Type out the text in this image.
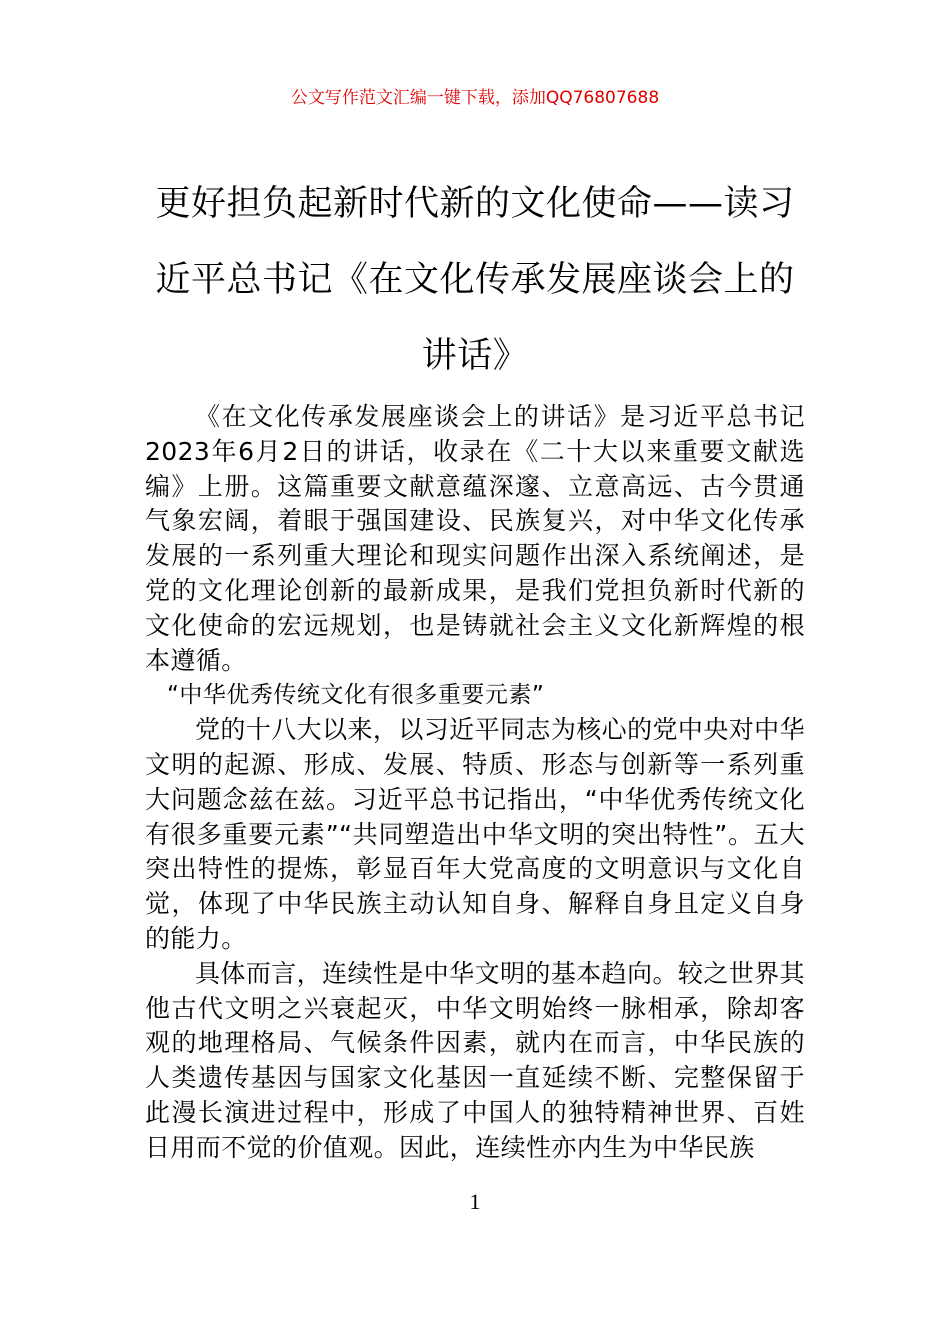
公文写作范文汇编一键下载，添加QQ76807688
更好担负起新时代新的文化使命——读习
近平总书记《在文化传承发展座谈会上的
讲话》

《在文化传承发展座谈会上的讲话》是习近平总书记2023年6月2日的讲话，收录在《二十大以来重要文献选编》上册。这篇重要文献意蕴深邃、立意高远、古今贯通气象宏阔，着眼于强国建设、民族复兴，对中华文化传承发展的一系列重大理论和现实问题作出深入系统阐述，是党的文化理论创新的最新成果，是我们党担负新时代新的文化使命的宏远规划，也是铸就社会主义文化新辉煌的根本遵循。

“中华优秀传统文化有很多重要元素”

党的十八大以来，以习近平同志为核心的党中央对中华文明的起源、形成、发展、特质、形态与创新等一系列重大问题念兹在兹。习近平总书记指出，“中华优秀传统文化有很多重要元素”“共同塑造出中华文明的突出特性”。五大突出特性的提炼，彰显百年大党高度的文明意识与文化自觉，体现了中华民族主动认知自身、解释自身且定义自身的能力。

具体而言，连续性是中华文明的基本趋向。较之世界其他古代文明之兴衰起灭，中华文明始终一脉相承，除却客观的地理格局、气候条件因素，就内在而言，中华民族的人类遗传基因与国家文化基因一直延续不断、完整保留于此漫长演进过程中，形成了中国人的独特精神世界、百姓日用而不觉的价值观。因此，连续性亦内生为中华民族

1
